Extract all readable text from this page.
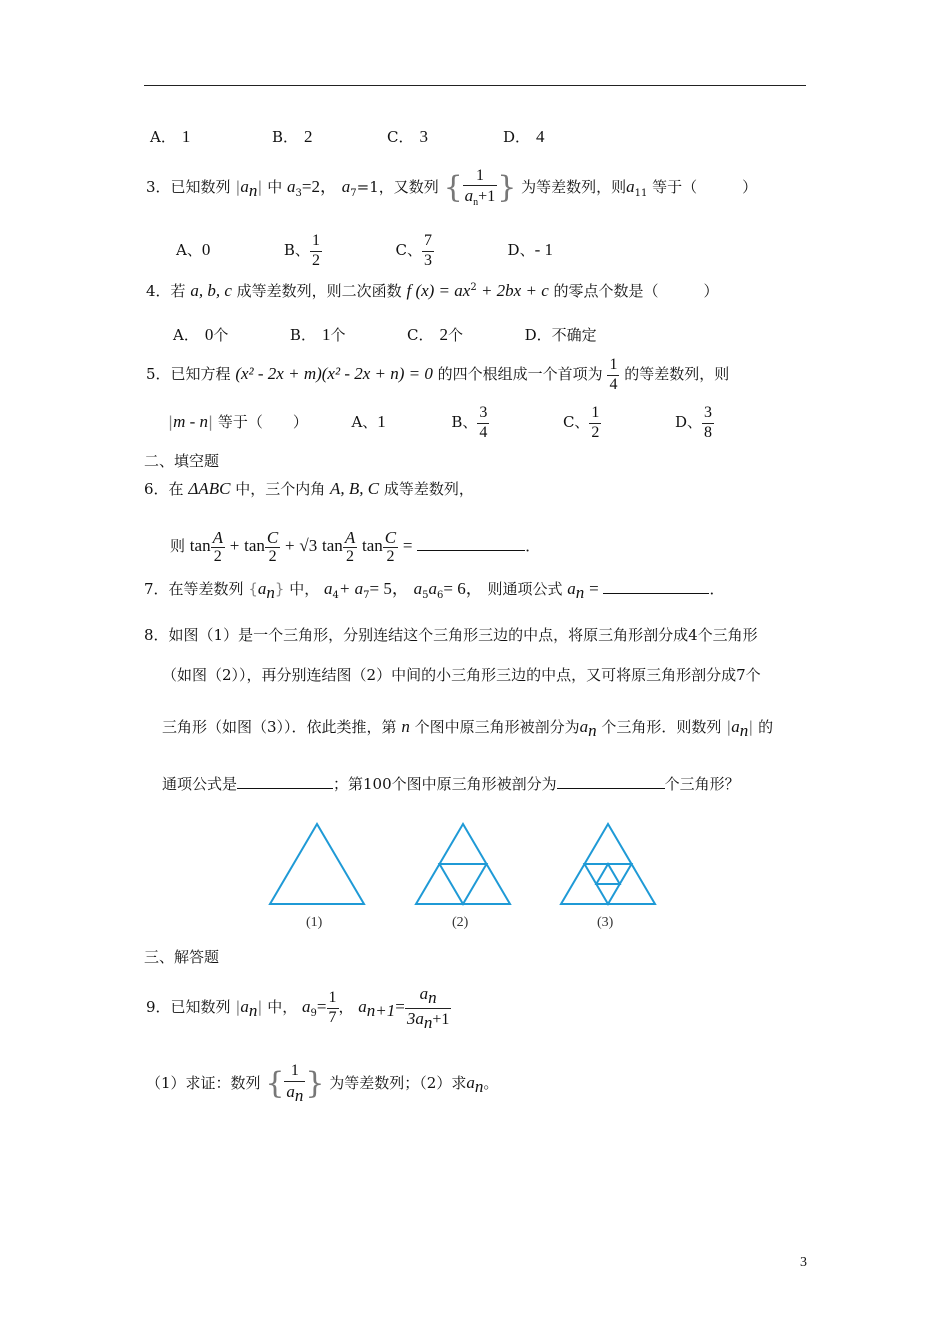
A． 1	B． 2	C． 3	D． 4
3．已知数列 $|a_n|$ 中 $a_3=2$， $a_7=1$，又数列 { $\frac{1}{a_n+1}$ } 为等差数列，则$a_{11}$ 等于（　　　）
A、0	B、 $\frac{1}{2}$	C、 $\frac{7}{3}$	D、- 1
4．若 a, b, c 成等差数列，则二次函数 f $(x) = ax^2 + 2bx + c$ 的零点个数是（　　　）
A． 0个	B． 1个	C． 2个	D．不确定
5．已知方程 (x² - 2x + m)(x² - 2x + n) = 0 的四个根组成一个首项为 $\frac{1}{4}$ 的等差数列，则
|m - n| 等于（　　）	A、1	B、 $\frac{3}{4}$	C、 $\frac{1}{2}$	D、 $\frac{3}{8}$
二、填空题
6．在 ΔABC 中，三个内角 A, B, C 成等差数列，
则 $\tan \frac{A}{2} + \tan \frac{C}{2} + √3$ $\tan \frac{A}{2}$ $\tan \frac{C}{2}$ =	．
7．在等差数列 $\{a_n\}$ 中， $a_4+ a_7= 5$， $a_5a_6= 6$， 则通项公式 $a_n$ =	．
8．如图（1）是一个三角形，分别连结这个三角形三边的中点，将原三角形剖分成4个三角形
（如图（2）），再分别连结图（2）中间的小三角形三边的中点，又可将原三角形剖分成7个
三角形（如图（3））．依此类推，第 n 个图中原三角形被剖分为$a_n$ 个三角形．则数列 $|a_n|$ 的
通项公式是	；第100个图中原三角形被剖分为	个三角形？
(1)	(2)	(3)
三、解答题
9．已知数列 $|a_n|$ 中， $a_9= \frac{1}{7}$ ， $a_{n+1}= \frac{a_n}{3a_n+1}$
（1）求证：数列 { $\frac{1}{a_n}$ } 为等差数列；（2）求$a_n$。
3
